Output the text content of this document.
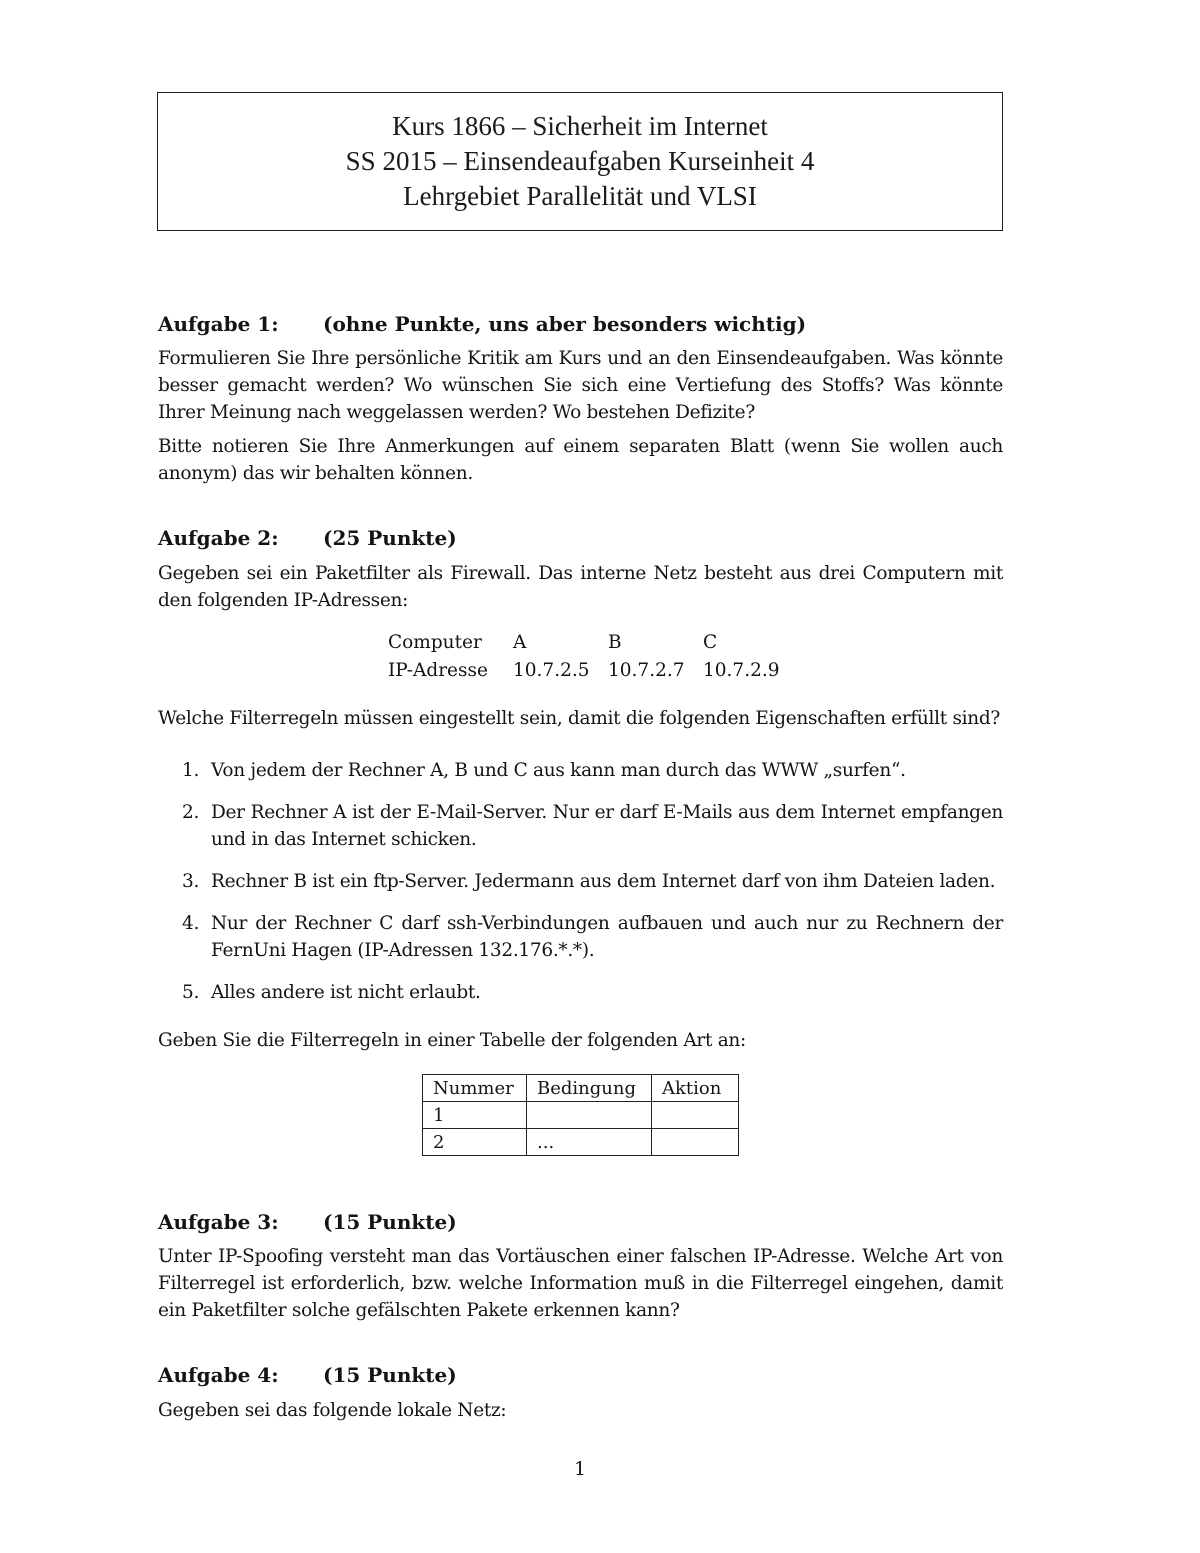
Kurs 1866 – Sicherheit im Internet
SS 2015 – Einsendeaufgaben Kurseinheit 4
Lehrgebiet Parallelität und VLSI
Aufgabe 1: (ohne Punkte, uns aber besonders wichtig)
Formulieren Sie Ihre persönliche Kritik am Kurs und an den Einsendeaufgaben. Was könnte besser gemacht werden? Wo wünschen Sie sich eine Vertiefung des Stoffs? Was könnte Ihrer Meinung nach weggelassen werden? Wo bestehen Defizite?
Bitte notieren Sie Ihre Anmerkungen auf einem separaten Blatt (wenn Sie wollen auch anonym) das wir behalten können.
Aufgabe 2: (25 Punkte)
Gegeben sei ein Paketfilter als Firewall. Das interne Netz besteht aus drei Computern mit den folgenden IP-Adressen:
Computer	A	B	C
IP-Adresse	10.7.2.5	10.7.2.7	10.7.2.9
Welche Filterregeln müssen eingestellt sein, damit die folgenden Eigenschaften erfüllt sind?
1. Von jedem der Rechner A, B und C aus kann man durch das WWW „surfen“.
2. Der Rechner A ist der E-Mail-Server. Nur er darf E-Mails aus dem Internet empfangen und in das Internet schicken.
3. Rechner B ist ein ftp-Server. Jedermann aus dem Internet darf von ihm Dateien laden.
4. Nur der Rechner C darf ssh-Verbindungen aufbauen und auch nur zu Rechnern der FernUni Hagen (IP-Adressen 132.176.*.*).
5. Alles andere ist nicht erlaubt.
Geben Sie die Filterregeln in einer Tabelle der folgenden Art an:
Nummer	Bedingung	Aktion
1		
2	...	
Aufgabe 3: (15 Punkte)
Unter IP-Spoofing versteht man das Vortäuschen einer falschen IP-Adresse. Welche Art von Filterregel ist erforderlich, bzw. welche Information muß in die Filterregel eingehen, damit ein Paketfilter solche gefälschten Pakete erkennen kann?
Aufgabe 4: (15 Punkte)
Gegeben sei das folgende lokale Netz:
1
